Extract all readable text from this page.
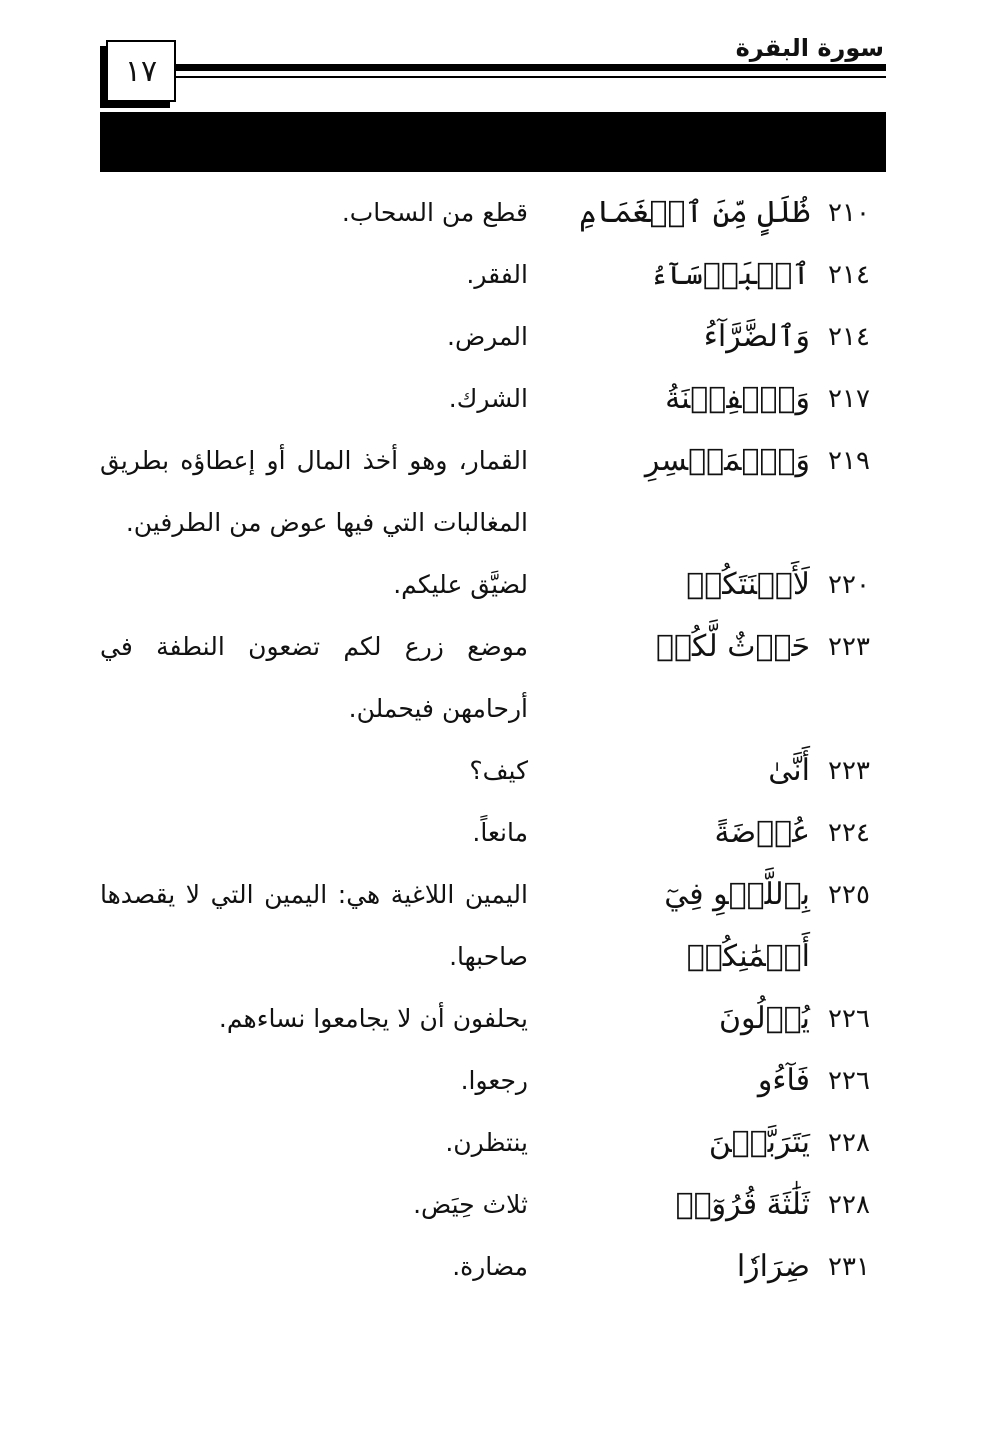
١٧
سورة البقرة
٢١٠
ظُلَلٍ مِّنَ ٱلۡغَمَامِ
قطع من السحاب.
٢١٤
ٱلۡبَأۡسَآءُ
الفقر.
٢١٤
وَٱلضَّرَّآءُ
المرض.
٢١٧
وَٱلۡفِتۡنَةُ
الشرك.
٢١٩
وَٱلۡمَيۡسِرِ
القمار، وهو أخذ المال أو إعطاؤه بطريق المغالبات التي فيها عوض من الطرفين.
٢٢٠
لَأَعۡنَتَكُمۡ
لضيَّق عليكم.
٢٢٣
حَرۡثٌ لَّكُمۡ
موضع زرع لكم تضعون النطفة في أرحامهن فيحملن.
٢٢٣
أَنَّىٰ
كيف؟
٢٢٤
عُرۡضَةً
مانعاً.
٢٢٥
بِٱللَّغۡوِ فِيٓ أَيۡمَٰنِكُمۡ
اليمين اللاغية هي: اليمين التي لا يقصدها صاحبها.
٢٢٦
يُؤۡلُونَ
يحلفون أن لا يجامعوا نساءهم.
٢٢٦
فَآءُو
رجعوا.
٢٢٨
يَتَرَبَّصۡنَ
ينتظرن.
٢٢٨
ثَلَٰثَةَ قُرُوٓءٖ
ثلاث حِيَض.
٢٣١
ضِرَارٗا
مضارة.
